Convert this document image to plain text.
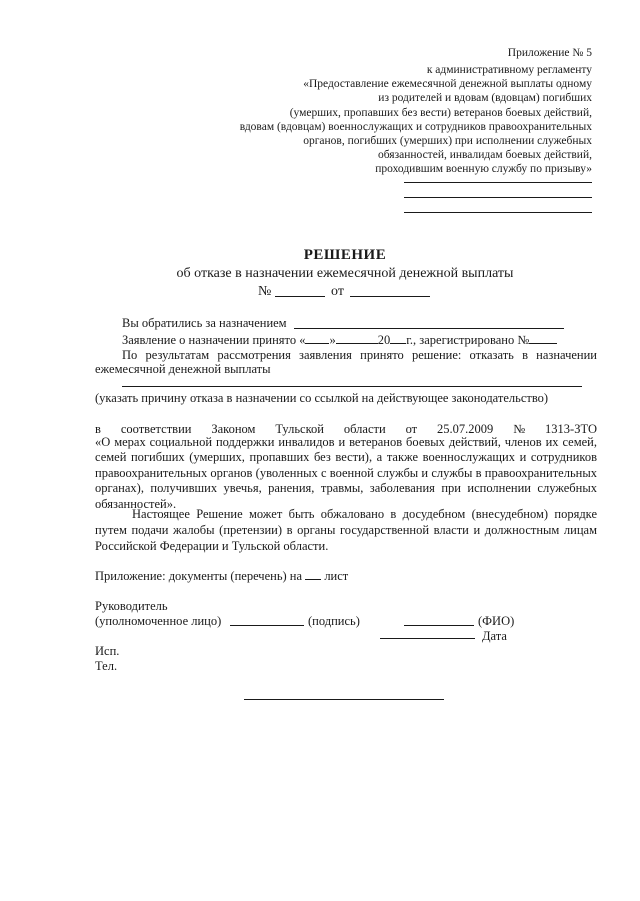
Приложение № 5
к административному регламенту
«Предоставление ежемесячной денежной выплаты одному
из родителей и вдовам (вдовцам) погибших
(умерших, пропавших без вести) ветеранов боевых действий,
вдовам (вдовцам) военнослужащих и сотрудников правоохранительных
органов, погибших (умерших) при исполнении служебных
обязанностей, инвалидам боевых действий,
проходившим военную службу по призыву»
РЕШЕНИЕ
об отказе в назначении ежемесячной денежной выплаты
№	от
Вы обратились за назначением
Заявление о назначении принято « »	20 г., зарегистрировано №
По результатам рассмотрения заявления принято решение: отказать в назначении
ежемесячной денежной выплаты
(указать причину отказа в назначении со ссылкой на действующее законодательство)
в соответствии Законом Тульской области от 25.07.2009 № 1313-ЗТО
«О мерах социальной поддержки инвалидов и ветеранов боевых действий, членов их семей, семей погибших (умерших, пропавших без вести), а также военнослужащих и сотрудников правоохранительных органов (уволенных с военной службы и службы в правоохранительных органах), получивших увечья, ранения, травмы, заболевания при исполнении служебных обязанностей».
Настоящее Решение может быть обжаловано в досудебном (внесудебном) порядке путем подачи жалобы (претензии) в органы государственной власти и должностным лицам Российской Федерации и Тульской области.
Приложение: документы (перечень) на лист
Руководитель
(уполномоченное лицо)	(подпись)	(ФИО)
Дата
Исп.
Тел.
